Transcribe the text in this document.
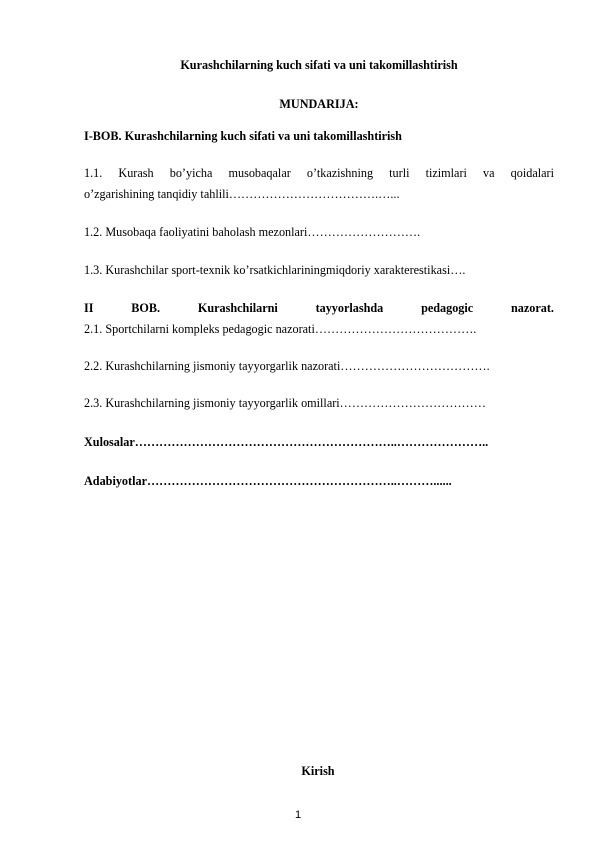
Kurashchilarning kuch sifati va uni takomillashtirish
MUNDARIJA:
I-BOB. Kurashchilarning kuch sifati va uni takomillashtirish
1.1. Kurash bo’yicha musobaqalar o’tkazishning turli tizimlari va qoidalari
o’zgarishining tanqidiy tahlili……………………………….…...
1.2. Musobaqa faoliyatini baholash mezonlari……………………….
1.3. Kurashchilar sport-texnik ko’rsatkichlariningmiqdoriy xarakterestikasi….
II	BOB.	Kurashchilarni	tayyorlashda	pedagogic	nazorat.
2.1. Sportchilarni kompleks pedagogic nazorati………………………………….
2.2. Kurashchilarning jismoniy tayyorgarlik nazorati……………………………….
2.3. Kurashchilarning jismoniy tayyorgarlik omillari………………………………
Xulosalar………………………………………………………..…………………..
Adabiyotlar……………………………………………………..………......
Kirish
1
